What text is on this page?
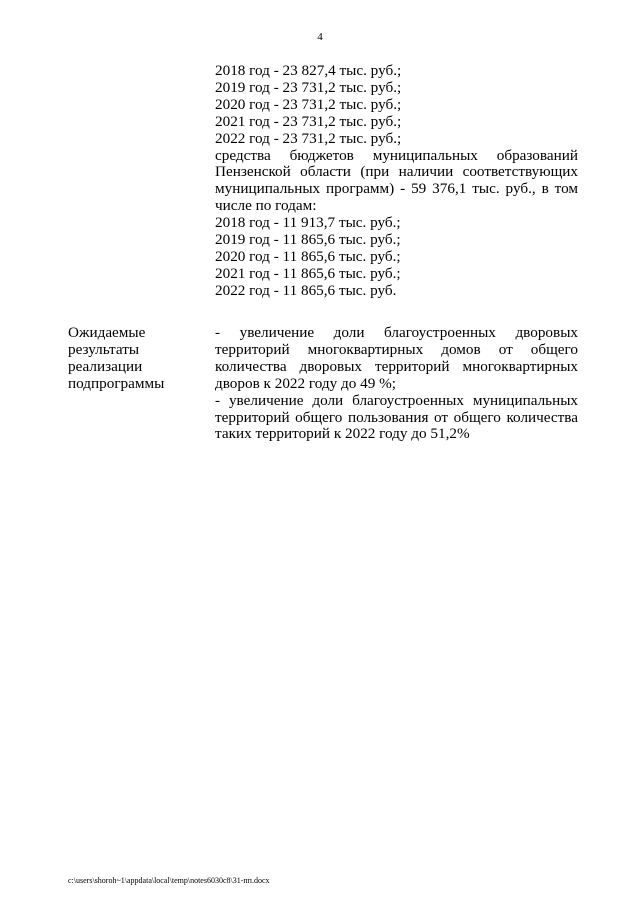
4
2018 год - 23 827,4 тыс. руб.;
2019 год - 23 731,2 тыс. руб.;
2020 год - 23 731,2 тыс. руб.;
2021 год - 23 731,2 тыс. руб.;
2022 год - 23 731,2 тыс. руб.;
средства бюджетов муниципальных образований Пензенской области (при наличии соответствующих муниципальных программ) - 59 376,1 тыс. руб., в том числе по годам:
2018 год - 11 913,7 тыс. руб.;
2019 год - 11 865,6 тыс. руб.;
2020 год - 11 865,6 тыс. руб.;
2021 год - 11 865,6 тыс. руб.;
2022 год - 11 865,6 тыс. руб.
Ожидаемые
результаты
реализации
подпрограммы
- увеличение доли благоустроенных дворовых территорий многоквартирных домов от общего количества дворовых территорий многоквартирных дворов к 2022 году до 49 %;
- увеличение доли благоустроенных муниципальных территорий общего пользования от общего количества таких территорий к 2022 году до 51,2%
c:\users\shoroh~1\appdata\local\temp\notes6030c8\31-пп.docx
